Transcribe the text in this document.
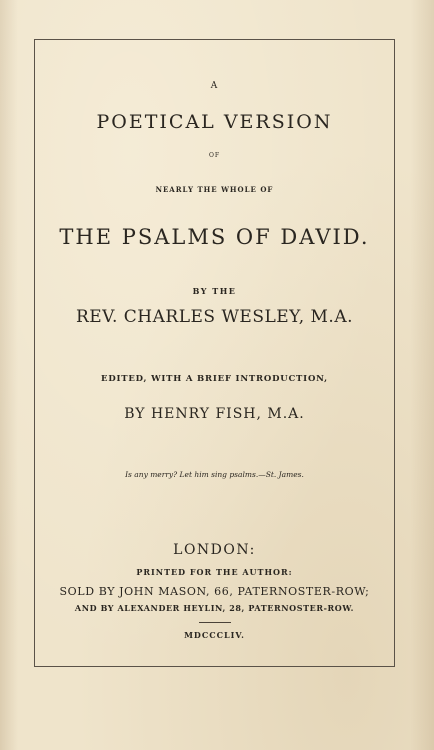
A
POETICAL VERSION
OF
NEARLY THE WHOLE OF
THE PSALMS OF DAVID.
BY THE
REV. CHARLES WESLEY, M.A.
EDITED, WITH A BRIEF INTRODUCTION,
BY HENRY FISH, M.A.
Is any merry? Let him sing psalms.—St. James.
LONDON:
PRINTED FOR THE AUTHOR:
SOLD BY JOHN MASON, 66, PATERNOSTER-ROW;
AND BY ALEXANDER HEYLIN, 28, PATERNOSTER-ROW.
MDCCCLIV.
